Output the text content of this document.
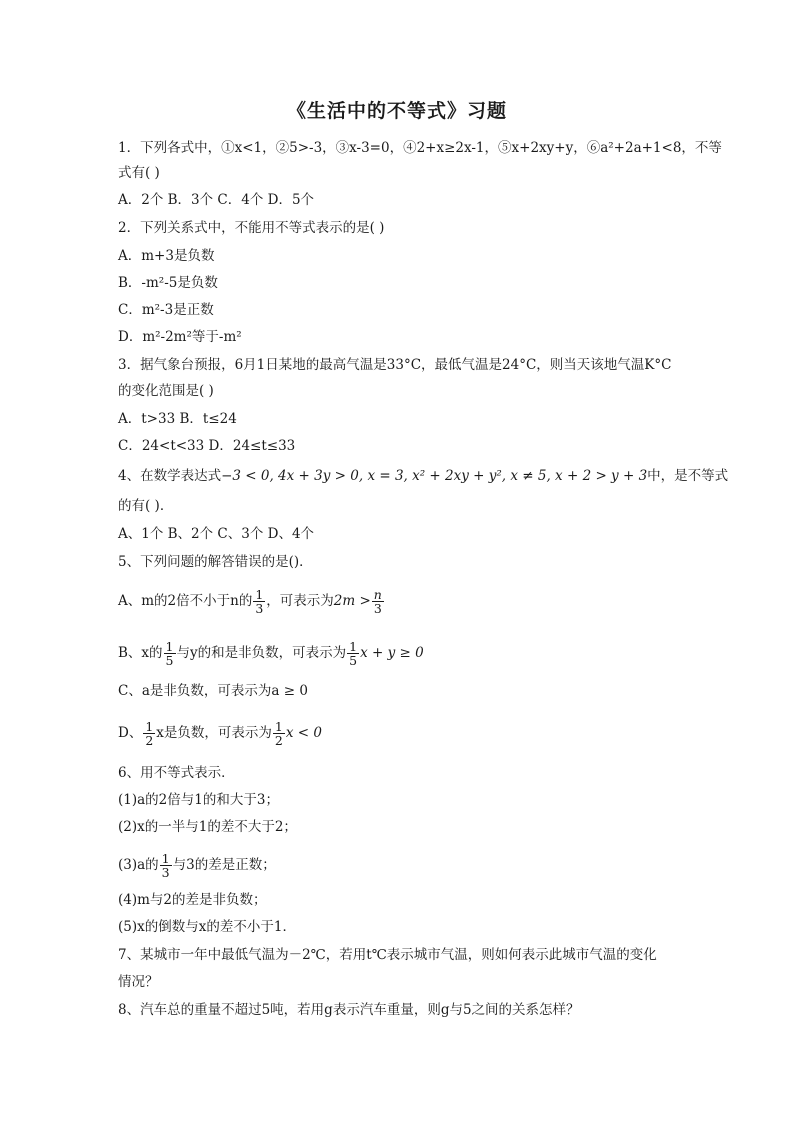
《生活中的不等式》习题
1．下列各式中，①x<1，②5>-3，③x-3=0，④2+x≥2x-1，⑤x+2xy+y，⑥a²+2a+1<8，不等
式有( )
A．2个 B．3个 C．4个 D．5个
2．下列关系式中，不能用不等式表示的是( )
A．m+3是负数
B．-m²-5是负数
C．m²-3是正数
D．m²-2m²等于-m²
3．据气象台预报，6月1日某地的最高气温是33°C，最低气温是24°C，则当天该地气温K°C
的变化范围是( )
A．t>33 B．t≤24
C．24<t<33 D．24≤t≤33
4、在数学表达式−3 < 0, 4x + 3y > 0, x = 3, x² + 2xy + y², x ≠ 5, x + 2 > y + 3中，是不等式
的有( )．
A、1个 B、2个 C、3个 D、4个
5、下列问题的解答错误的是()．
A、m的2倍不小于n的 $\frac{1}{3}$ ，可表示为$2m > \frac{n}{3}$
B、x的 $\frac{1}{5}$ 与y的和是非负数，可表示为 $\frac{1}{5}$ x + y ≥ 0
C、a是非负数，可表示为a ≥ 0
D、 $\frac{1}{2}$ x是负数，可表示为 $\frac{1}{2}$ x < 0
6、用不等式表示．
(1)a的2倍与1的和大于3；
(2)x的一半与1的差不大于2；
(3)a的 $\frac{1}{3}$ 与3的差是正数；
(4)m与2的差是非负数；
(5)x的倒数与x的差不小于1．
7、某城市一年中最低气温为－2℃，若用t℃表示城市气温，则如何表示此城市气温的变化
情况？
8、汽车总的重量不超过5吨，若用g表示汽车重量，则g与5之间的关系怎样？
